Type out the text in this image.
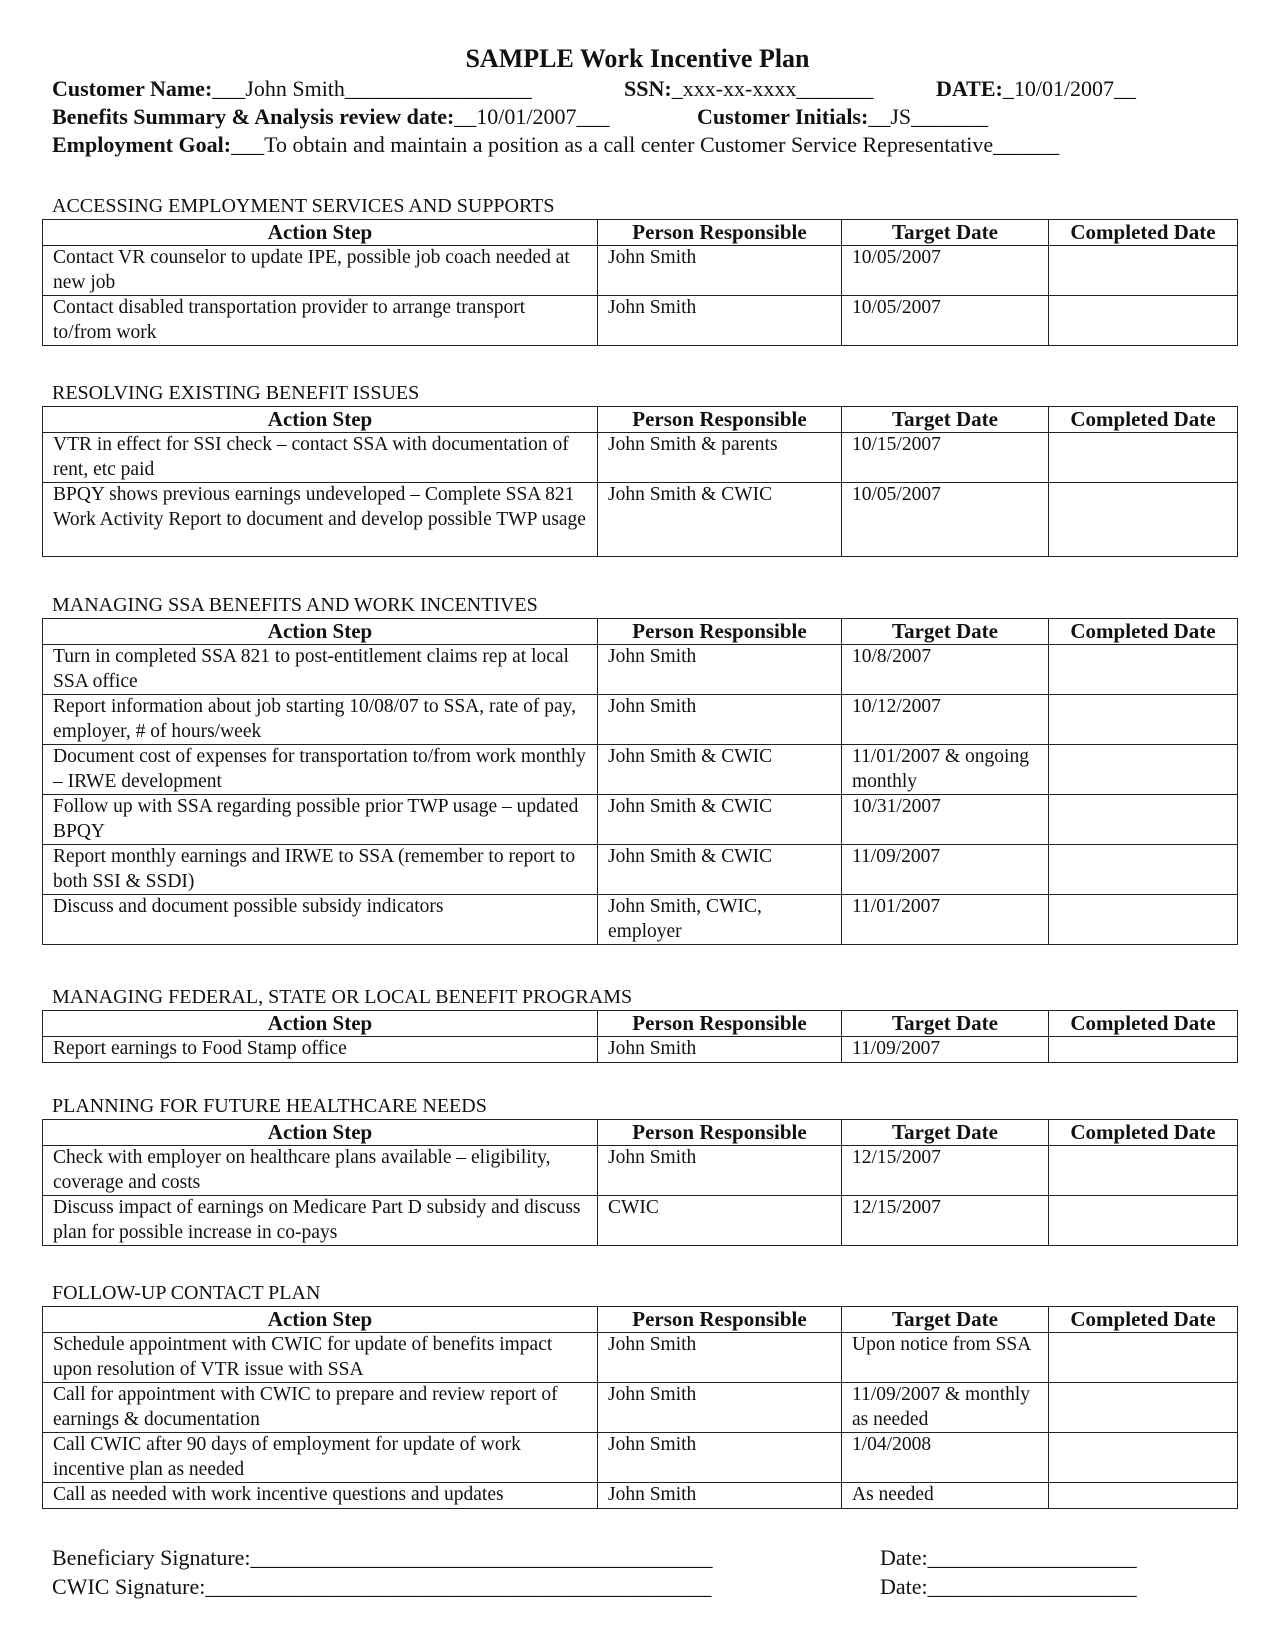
SAMPLE Work Incentive Plan
Customer Name:___John Smith_________________	SSN:_xxx-xx-xxxx_______	DATE:_10/01/2007__
Benefits Summary & Analysis review date:__10/01/2007___	Customer Initials:__JS_______
Employment Goal:___To obtain and maintain a position as a call center Customer Service Representative______
ACCESSING EMPLOYMENT SERVICES AND SUPPORTS
Action Step	Person Responsible	Target Date	Completed Date
Contact VR counselor to update IPE, possible job coach needed at new job	John Smith	10/05/2007	
Contact disabled transportation provider to arrange transport to/from work	John Smith	10/05/2007	
RESOLVING EXISTING BENEFIT ISSUES
Action Step	Person Responsible	Target Date	Completed Date
VTR in effect for SSI check – contact SSA with documentation of rent, etc paid	John Smith & parents	10/15/2007	
BPQY shows previous earnings undeveloped – Complete SSA 821 Work Activity Report to document and develop possible TWP usage	John Smith & CWIC	10/05/2007	
MANAGING SSA BENEFITS AND WORK INCENTIVES
Action Step	Person Responsible	Target Date	Completed Date
Turn in completed SSA 821 to post-entitlement claims rep at local SSA office	John Smith	10/8/2007	
Report information about job starting 10/08/07 to SSA, rate of pay, employer, # of hours/week	John Smith	10/12/2007	
Document cost of expenses for transportation to/from work monthly – IRWE development	John Smith & CWIC	11/01/2007 & ongoing monthly	
Follow up with SSA regarding possible prior TWP usage – updated BPQY	John Smith & CWIC	10/31/2007	
Report monthly earnings and IRWE to SSA (remember to report to both SSI & SSDI)	John Smith & CWIC	11/09/2007	
Discuss and document possible subsidy indicators	John Smith, CWIC, employer	11/01/2007	
MANAGING FEDERAL, STATE OR LOCAL BENEFIT PROGRAMS
Action Step	Person Responsible	Target Date	Completed Date
Report earnings to Food Stamp office	John Smith	11/09/2007	
PLANNING FOR FUTURE HEALTHCARE NEEDS
Action Step	Person Responsible	Target Date	Completed Date
Check with employer on healthcare plans available – eligibility, coverage and costs	John Smith	12/15/2007	
Discuss impact of earnings on Medicare Part D subsidy and discuss plan for possible increase in co-pays	CWIC	12/15/2007	
FOLLOW-UP CONTACT PLAN
Action Step	Person Responsible	Target Date	Completed Date
Schedule appointment with CWIC for update of benefits impact upon resolution of VTR issue with SSA	John Smith	Upon notice from SSA	
Call for appointment with CWIC to prepare and review report of earnings & documentation	John Smith	11/09/2007 & monthly as needed	
Call CWIC after 90 days of employment for update of work incentive plan as needed	John Smith	1/04/2008	
Call as needed with work incentive questions and updates	John Smith	As needed	
Beneficiary Signature:__________________________________________	Date:___________________
CWIC Signature:______________________________________________	Date:___________________
